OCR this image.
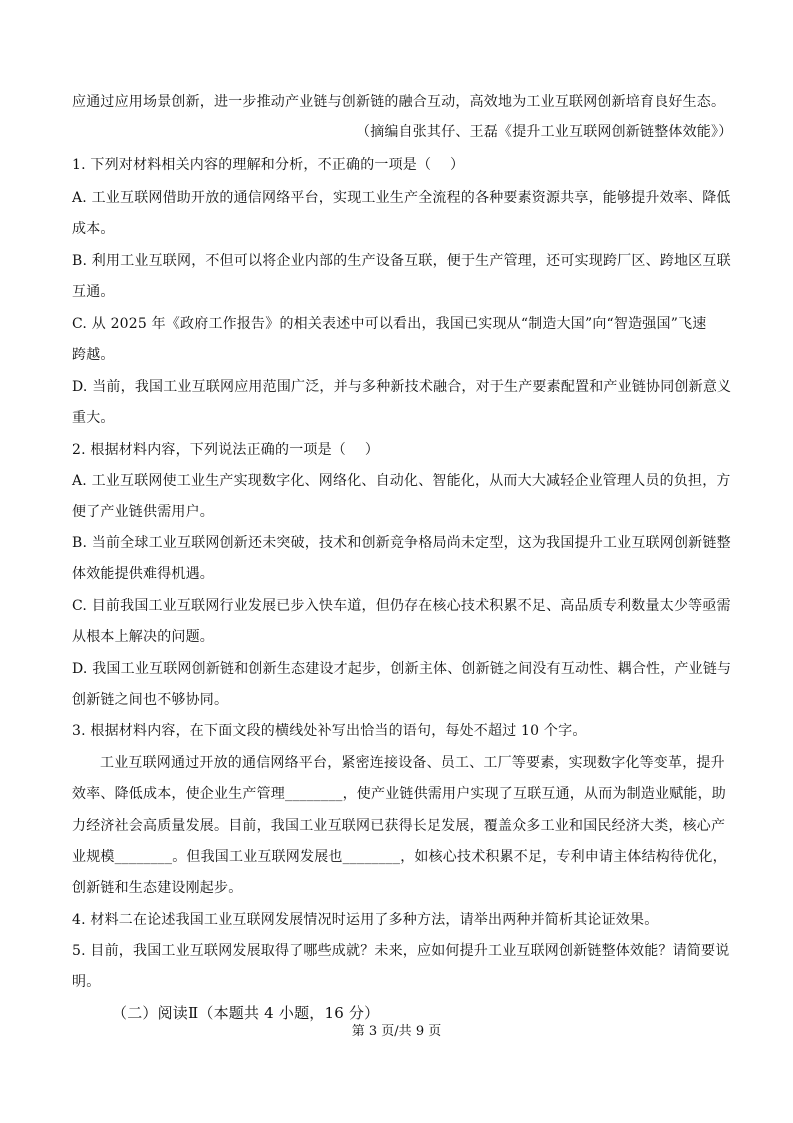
应通过应用场景创新，进一步推动产业链与创新链的融合互动，高效地为工业互联网创新培育良好生态。
（摘编自张其仔、王磊《提升工业互联网创新链整体效能》）
1. 下列对材料相关内容的理解和分析，不正确的一项是（　 ）
A. 工业互联网借助开放的通信网络平台，实现工业生产全流程的各种要素资源共享，能够提升效率、降低
成本。
B. 利用工业互联网，不但可以将企业内部的生产设备互联，便于生产管理，还可实现跨厂区、跨地区互联
互通。
C. 从 2025 年《政府工作报告》的相关表述中可以看出，我国已实现从“制造大国”向“智造强国”飞速
跨越。
D. 当前，我国工业互联网应用范围广泛，并与多种新技术融合，对于生产要素配置和产业链协同创新意义
重大。
2. 根据材料内容，下列说法正确的一项是（　 ）
A. 工业互联网使工业生产实现数字化、网络化、自动化、智能化，从而大大减轻企业管理人员的负担，方
便了产业链供需用户。
B. 当前全球工业互联网创新还未突破，技术和创新竞争格局尚未定型，这为我国提升工业互联网创新链整
体效能提供难得机遇。
C. 目前我国工业互联网行业发展已步入快车道，但仍存在核心技术积累不足、高品质专利数量太少等亟需
从根本上解决的问题。
D. 我国工业互联网创新链和创新生态建设才起步，创新主体、创新链之间没有互动性、耦合性，产业链与
创新链之间也不够协同。
3. 根据材料内容，在下面文段的横线处补写出恰当的语句，每处不超过 10 个字。
工业互联网通过开放的通信网络平台，紧密连接设备、员工、工厂等要素，实现数字化等变革，提升
效率、降低成本，使企业生产管理________，使产业链供需用户实现了互联互通，从而为制造业赋能，助
力经济社会高质量发展。目前，我国工业互联网已获得长足发展，覆盖众多工业和国民经济大类，核心产
业规模________。但我国工业互联网发展也________，如核心技术积累不足，专利申请主体结构待优化，
创新链和生态建设刚起步。
4. 材料二在论述我国工业互联网发展情况时运用了多种方法，请举出两种并简析其论证效果。
5. 目前，我国工业互联网发展取得了哪些成就？未来，应如何提升工业互联网创新链整体效能？请简要说
明。
（二）阅读Ⅱ（本题共 4 小题，16 分）
第 3 页/共 9 页
